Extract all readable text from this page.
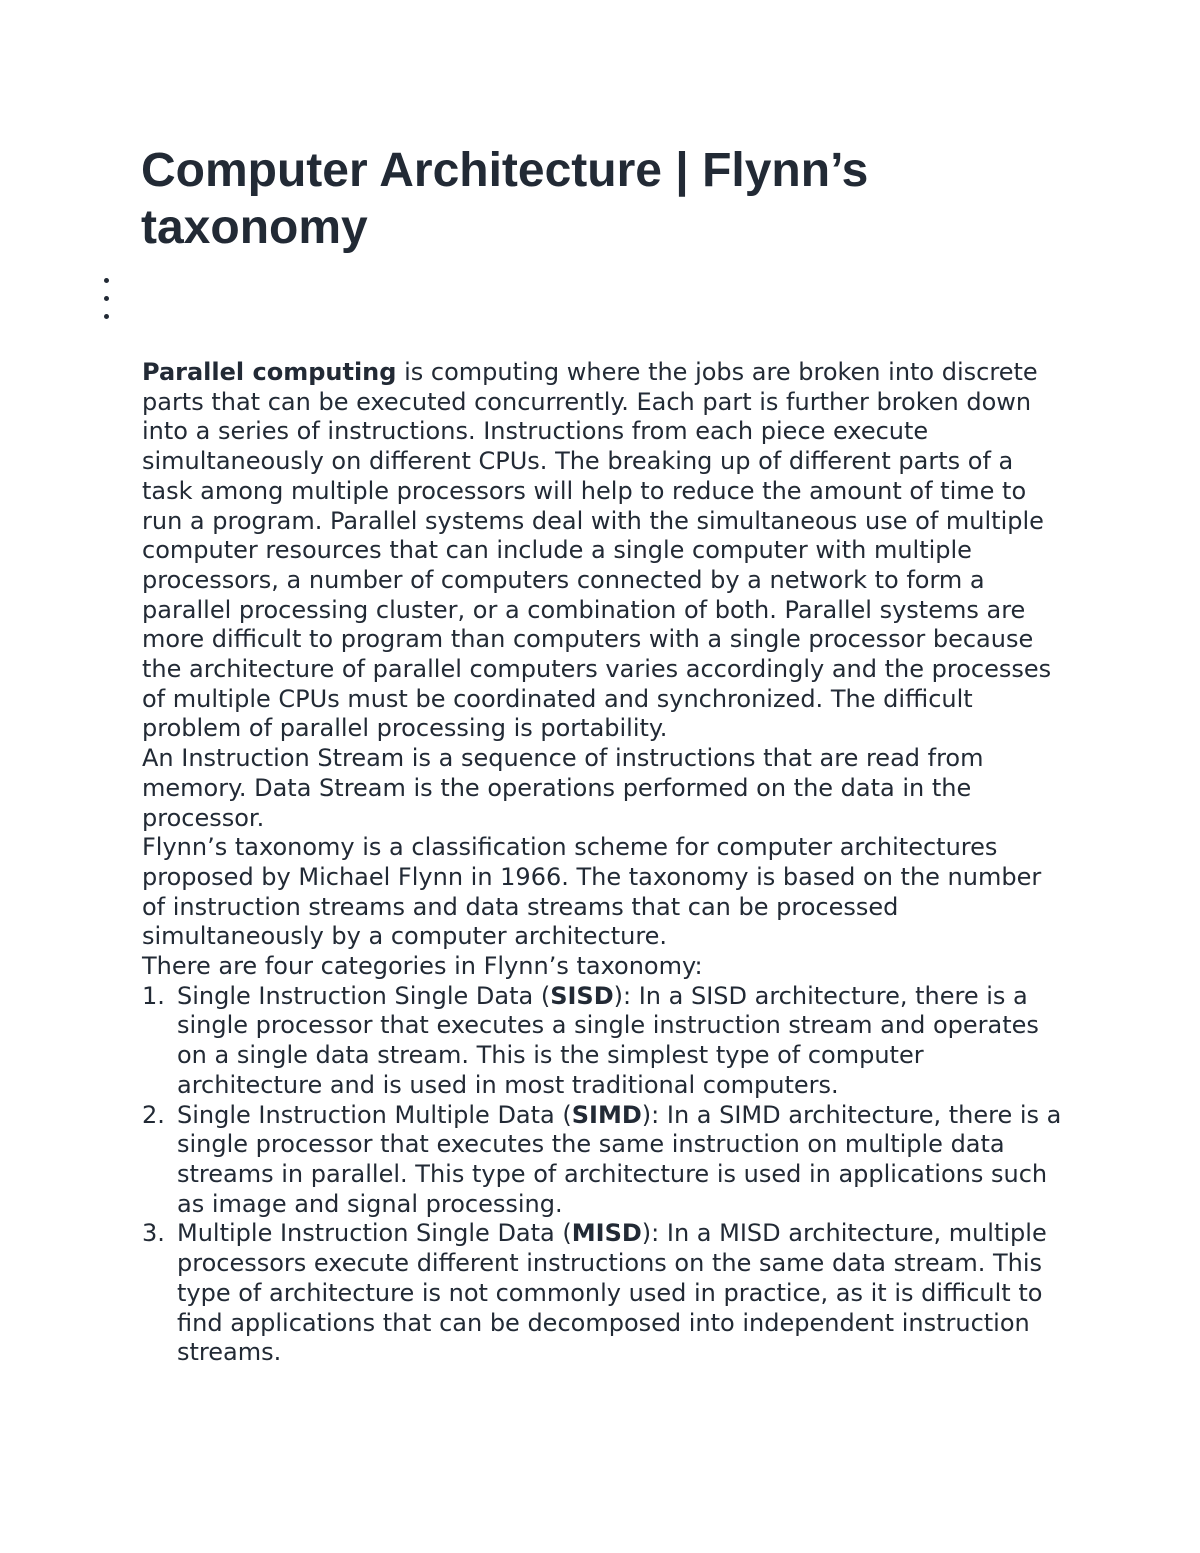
Computer Architecture | Flynn’s taxonomy

Parallel computing is computing where the jobs are broken into discrete parts that can be executed concurrently. Each part is further broken down into a series of instructions. Instructions from each piece execute simultaneously on different CPUs. The breaking up of different parts of a task among multiple processors will help to reduce the amount of time to run a program. Parallel systems deal with the simultaneous use of multiple computer resources that can include a single computer with multiple processors, a number of computers connected by a network to form a parallel processing cluster, or a combination of both. Parallel systems are more difficult to program than computers with a single processor because the architecture of parallel computers varies accordingly and the processes of multiple CPUs must be coordinated and synchronized. The difficult problem of parallel processing is portability.

An Instruction Stream is a sequence of instructions that are read from memory. Data Stream is the operations performed on the data in the processor.

Flynn’s taxonomy is a classification scheme for computer architectures proposed by Michael Flynn in 1966. The taxonomy is based on the number of instruction streams and data streams that can be processed simultaneously by a computer architecture.

There are four categories in Flynn’s taxonomy:

1. Single Instruction Single Data (SISD): In a SISD architecture, there is a single processor that executes a single instruction stream and operates on a single data stream. This is the simplest type of computer architecture and is used in most traditional computers.
2. Single Instruction Multiple Data (SIMD): In a SIMD architecture, there is a single processor that executes the same instruction on multiple data streams in parallel. This type of architecture is used in applications such as image and signal processing.
3. Multiple Instruction Single Data (MISD): In a MISD architecture, multiple processors execute different instructions on the same data stream. This type of architecture is not commonly used in practice, as it is difficult to find applications that can be decomposed into independent instruction streams.
